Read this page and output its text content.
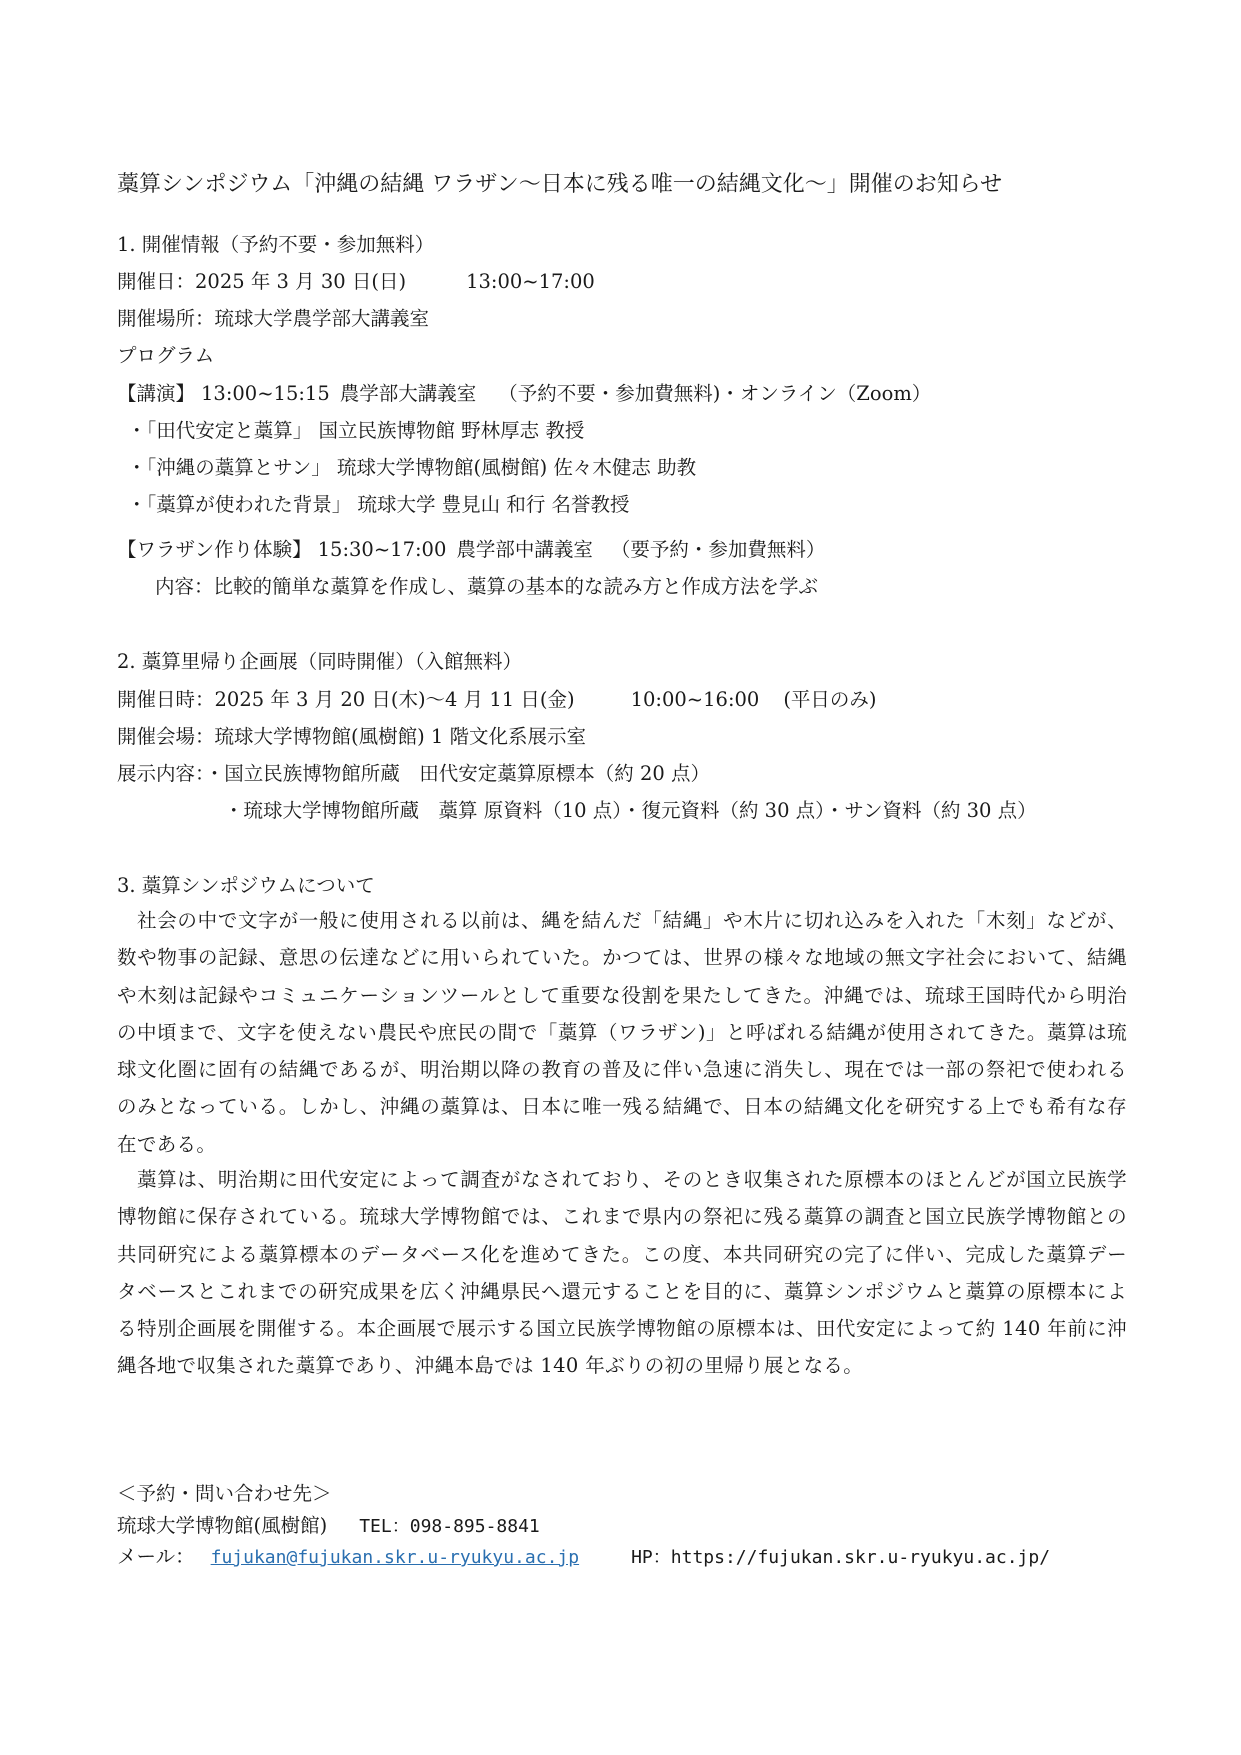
藁算シンポジウム「沖縄の結縄 ワラザン〜日本に残る唯一の結縄文化〜」開催のお知らせ
1. 開催情報（予約不要・参加無料）
開催日：2025 年 3 月 30 日(日)	13:00~17:00
開催場所：琉球大学農学部大講義室
プログラム
【講演】 13:00~15:15 農学部大講義室 （予約不要・参加費無料)・オンライン（Zoom）
・「田代安定と藁算」 国立民族博物館 野林厚志 教授
・「沖縄の藁算とサン」 琉球大学博物館(風樹館) 佐々木健志 助教
・「藁算が使われた背景」 琉球大学 豊見山 和行 名誉教授
【ワラザン作り体験】 15:30~17:00 農学部中講義室 （要予約・参加費無料）
内容：比較的簡単な藁算を作成し、藁算の基本的な読み方と作成方法を学ぶ
2. 藁算里帰り企画展（同時開催）（入館無料）
開催日時：2025 年 3 月 20 日(木)〜4 月 11 日(金)	10:00~16:00 (平日のみ)
開催会場：琉球大学博物館(風樹館) 1 階文化系展示室
展示内容：・国立民族博物館所蔵　田代安定藁算原標本（約 20 点）
・琉球大学博物館所蔵　藁算 原資料（10 点）・復元資料（約 30 点）・サン資料（約 30 点）
3. 藁算シンポジウムについて
社会の中で文字が一般に使用される以前は、縄を結んだ「結縄」や木片に切れ込みを入れた「木刻」などが、数や物事の記録、意思の伝達などに用いられていた。かつては、世界の様々な地域の無文字社会において、結縄や木刻は記録やコミュニケーションツールとして重要な役割を果たしてきた。沖縄では、琉球王国時代から明治の中頃まで、文字を使えない農民や庶民の間で「藁算（ワラザン)」と呼ばれる結縄が使用されてきた。藁算は琉球文化圏に固有の結縄であるが、明治期以降の教育の普及に伴い急速に消失し、現在では一部の祭祀で使われるのみとなっている。しかし、沖縄の藁算は、日本に唯一残る結縄で、日本の結縄文化を研究する上でも希有な存在である。
藁算は、明治期に田代安定によって調査がなされており、そのとき収集された原標本のほとんどが国立民族学博物館に保存されている。琉球大学博物館では、これまで県内の祭祀に残る藁算の調査と国立民族学博物館との共同研究による藁算標本のデータベース化を進めてきた。この度、本共同研究の完了に伴い、完成した藁算データベースとこれまでの研究成果を広く沖縄県民へ還元することを目的に、藁算シンポジウムと藁算の原標本による特別企画展を開催する。本企画展で展示する国立民族学博物館の原標本は、田代安定によって約 140 年前に沖縄各地で収集された藁算であり、沖縄本島では 140 年ぶりの初の里帰り展となる。
＜予約・問い合わせ先＞
琉球大学博物館(風樹館) TEL：098-895-8841
メール： fujukan@fujukan.skr.u-ryukyu.ac.jp	HP：https://fujukan.skr.u-ryukyu.ac.jp/
